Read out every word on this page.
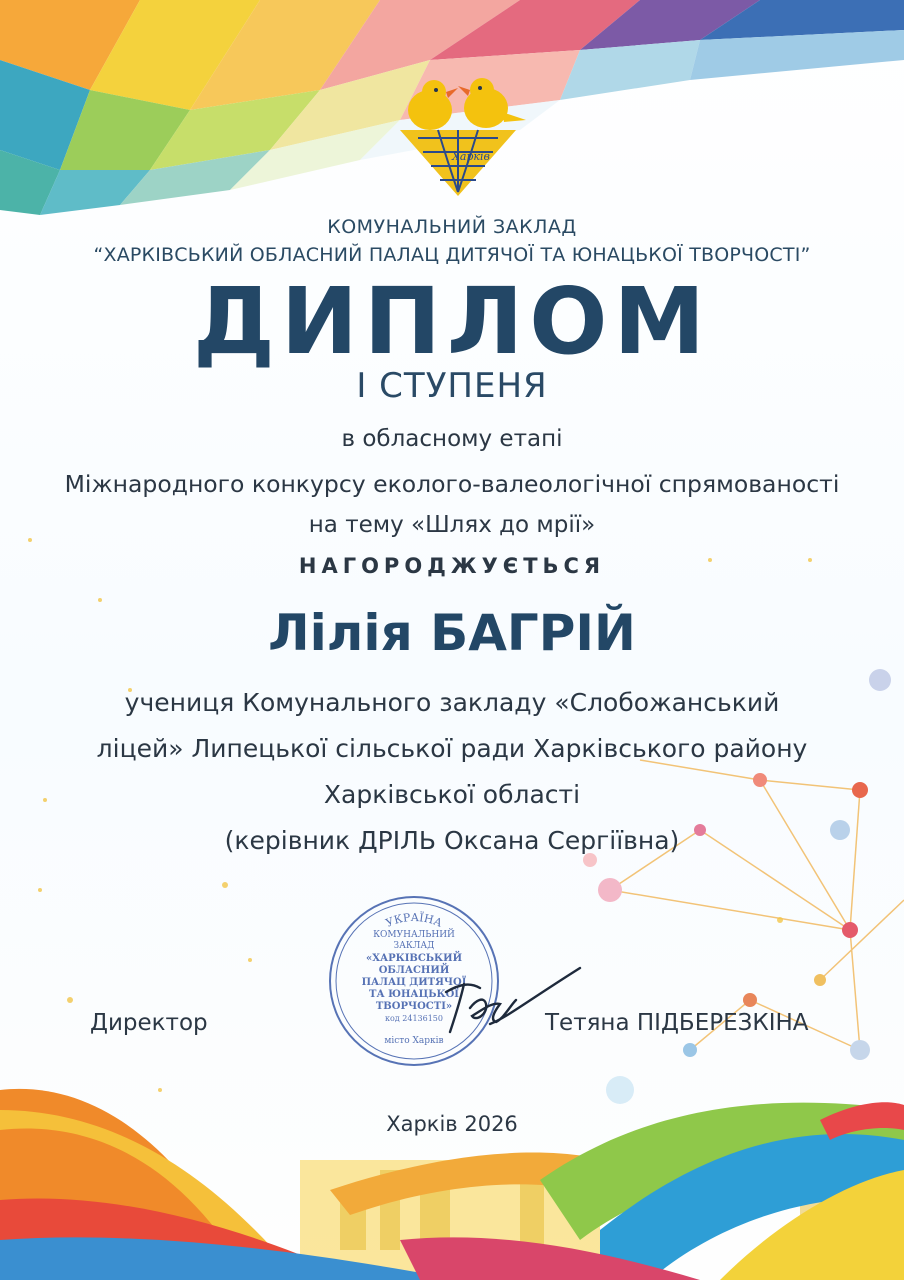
Харків
КОМУНАЛЬНИЙ ЗАКЛАД
“ХАРКІВСЬКИЙ ОБЛАСНИЙ ПАЛАЦ ДИТЯЧОЇ ТА ЮНАЦЬКОЇ ТВОРЧОСТІ”
ДИПЛОМ
І СТУПЕНЯ
в обласному етапі
Міжнародного конкурсу еколого-валеологічної спрямованості
на тему «Шлях до мрії»
НАГОРОДЖУЄТЬСЯ
Лілія БАГРІЙ
учениця Комунального закладу «Слобожанський
ліцей» Липецької сільської ради Харківського району
Харківської області
(керівник ДРІЛЬ Оксана Сергіївна)
УКРАЇНА
КОМУНАЛЬНИЙ
ЗАКЛАД
«ХАРКІВСЬКИЙ
ОБЛАСНИЙ
ПАЛАЦ ДИТЯЧОЇ
ТА ЮНАЦЬКОЇ
ТВОРЧОСТІ»
код 24136150
місто Харків
Директор	Тетяна ПІДБЕРЕЗКІНА
Харків 2026
